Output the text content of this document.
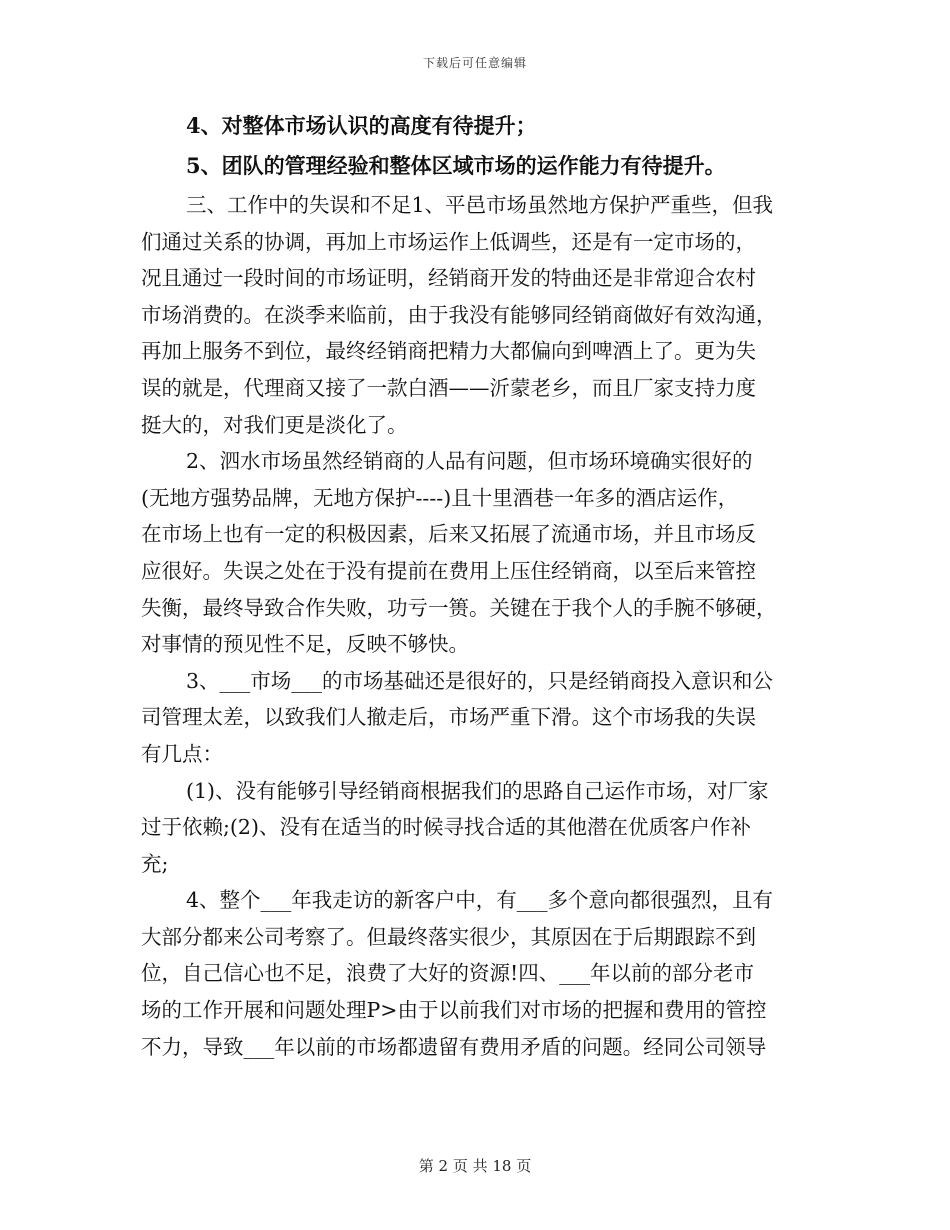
下载后可任意编辑

4、对整体市场认识的高度有待提升；

5、团队的管理经验和整体区域市场的运作能力有待提升。

三、工作中的失误和不足1、平邑市场虽然地方保护严重些，但我
们通过关系的协调，再加上市场运作上低调些，还是有一定市场的，
况且通过一段时间的市场证明，经销商开发的特曲还是非常迎合农村
市场消费的。在淡季来临前，由于我没有能够同经销商做好有效沟通，
再加上服务不到位，最终经销商把精力大都偏向到啤酒上了。更为失
误的就是，代理商又接了一款白酒——沂蒙老乡，而且厂家支持力度
挺大的，对我们更是淡化了。

2、泗水市场虽然经销商的人品有问题，但市场环境确实很好的
(无地方强势品牌，无地方保护----)且十里酒巷一年多的酒店运作，
在市场上也有一定的积极因素，后来又拓展了流通市场，并且市场反
应很好。失误之处在于没有提前在费用上压住经销商，以至后来管控
失衡，最终导致合作失败，功亏一篑。关键在于我个人的手腕不够硬，
对事情的预见性不足，反映不够快。

3、___市场___的市场基础还是很好的，只是经销商投入意识和公
司管理太差，以致我们人撤走后，市场严重下滑。这个市场我的失误
有几点：

(1)、没有能够引导经销商根据我们的思路自己运作市场，对厂家
过于依赖;(2)、没有在适当的时候寻找合适的其他潜在优质客户作补
充;

4、整个___年我走访的新客户中，有___多个意向都很强烈，且有
大部分都来公司考察了。但最终落实很少，其原因在于后期跟踪不到
位，自己信心也不足，浪费了大好的资源!四、___年以前的部分老市
场的工作开展和问题处理P>由于以前我们对市场的把握和费用的管控
不力，导致___年以前的市场都遗留有费用矛盾的问题。经同公司领导

第 2 页 共 18 页
